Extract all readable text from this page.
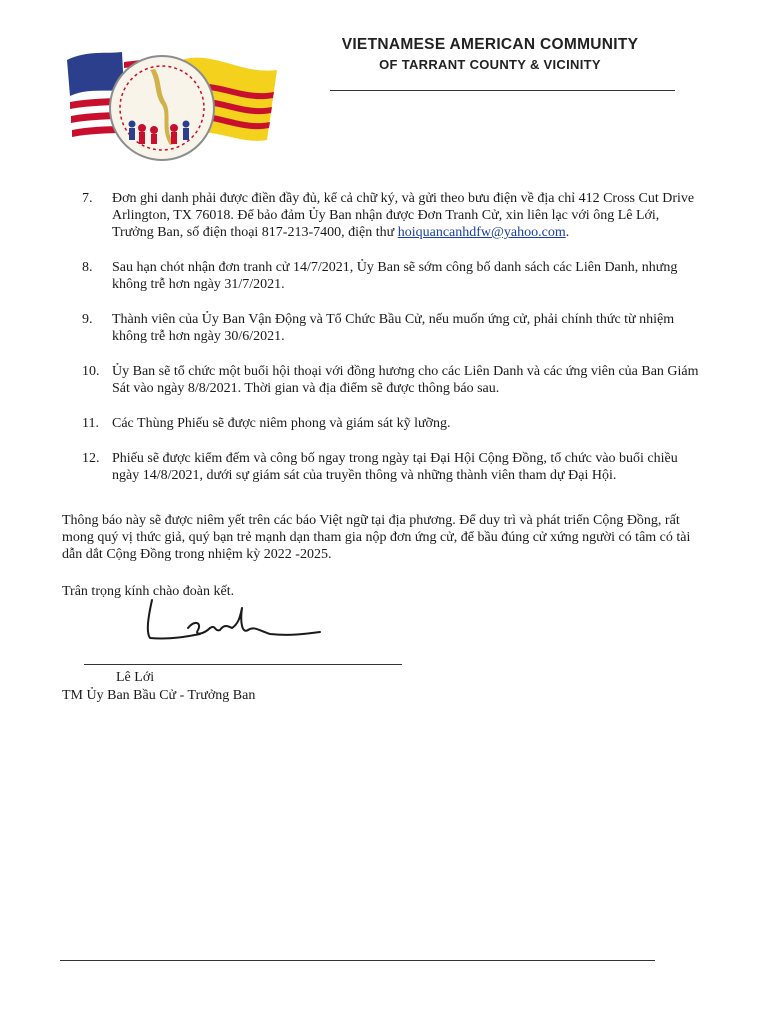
VIETNAMESE AMERICAN COMMUNITY
OF TARRANT COUNTY & VICINITY
7.	Đơn ghi danh phải được điền đầy đủ, kể cả chữ ký, và gửi theo bưu điện về địa chỉ 412 Cross Cut Drive Arlington, TX 76018. Để bảo đảm Ủy Ban nhận được Đơn Tranh Cử, xin liên lạc với ông Lê Lới, Trưởng Ban, số điện thoại 817-213-7400, điện thư hoiquancanhdfw@yahoo.com.
8.	Sau hạn chót nhận đơn tranh cử 14/7/2021, Ủy Ban sẽ sớm công bố danh sách các Liên Danh, nhưng không trễ hơn ngày 31/7/2021.
9.	Thành viên của Ủy Ban Vận Động và Tổ Chức Bầu Cử, nếu muốn ứng cử, phải chính thức từ nhiệm không trễ hơn ngày 30/6/2021.
10. Ủy Ban sẽ tổ chức một buổi hội thoại với đồng hương cho các Liên Danh và các ứng viên của Ban Giám Sát vào ngày 8/8/2021. Thời gian và địa điểm sẽ được thông báo sau.
11. Các Thùng Phiếu sẽ được niêm phong và giám sát kỹ lưỡng.
12. Phiếu sẽ được kiểm đếm và công bố ngay trong ngày tại Đại Hội Cộng Đồng, tổ chức vào buổi chiều ngày 14/8/2021, dưới sự giám sát của truyền thông và những thành viên tham dự Đại Hội.
Thông báo này sẽ được niêm yết trên các báo Việt ngữ tại địa phương. Để duy trì và phát triển Cộng Đồng, rất mong quý vị thức giả, quý bạn trẻ mạnh dạn tham gia nộp đơn ứng cử, để bầu đúng cử xứng người có tâm có tài dẫn dắt Cộng Đồng trong nhiệm kỳ 2022 -2025.
Trân trọng kính chào đoàn kết.
Lê Lới
TM Ủy Ban Bầu Cử - Trưởng Ban
